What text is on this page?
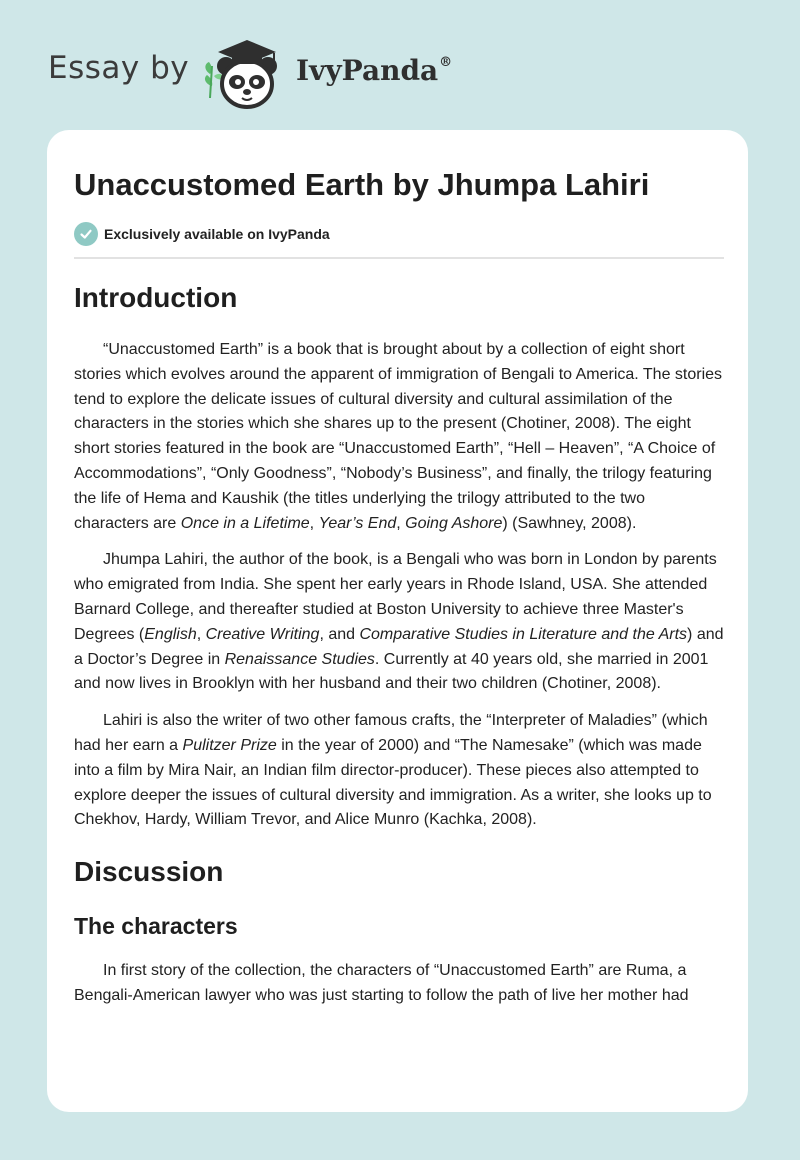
Essay by	IvyPanda®
Unaccustomed Earth by Jhumpa Lahiri
Exclusively available on IvyPanda
Introduction

“Unaccustomed Earth” is a book that is brought about by a collection of eight short stories which evolves around the apparent of immigration of Bengali to America. The stories tend to explore the delicate issues of cultural diversity and cultural assimilation of the characters in the stories which she shares up to the present (Chotiner, 2008). The eight short stories featured in the book are “Unaccustomed Earth”, “Hell – Heaven”, “A Choice of Accommodations”, “Only Goodness”, “Nobody’s Business”, and finally, the trilogy featuring the life of Hema and Kaushik (the titles underlying the trilogy attributed to the two characters are Once in a Lifetime, Year’s End, Going Ashore) (Sawhney, 2008).

Jhumpa Lahiri, the author of the book, is a Bengali who was born in London by parents who emigrated from India. She spent her early years in Rhode Island, USA. She attended Barnard College, and thereafter studied at Boston University to achieve three Master's Degrees (English, Creative Writing, and Comparative Studies in Literature and the Arts) and a Doctor’s Degree in Renaissance Studies. Currently at 40 years old, she married in 2001 and now lives in Brooklyn with her husband and their two children (Chotiner, 2008).

Lahiri is also the writer of two other famous crafts, the “Interpreter of Maladies” (which had her earn a Pulitzer Prize in the year of 2000) and “The Namesake” (which was made into a film by Mira Nair, an Indian film director-producer). These pieces also attempted to explore deeper the issues of cultural diversity and immigration. As a writer, she looks up to Chekhov, Hardy, William Trevor, and Alice Munro (Kachka, 2008).

Discussion
The characters

In first story of the collection, the characters of “Unaccustomed Earth” are Ruma, a Bengali-American lawyer who was just starting to follow the path of live her mother had
